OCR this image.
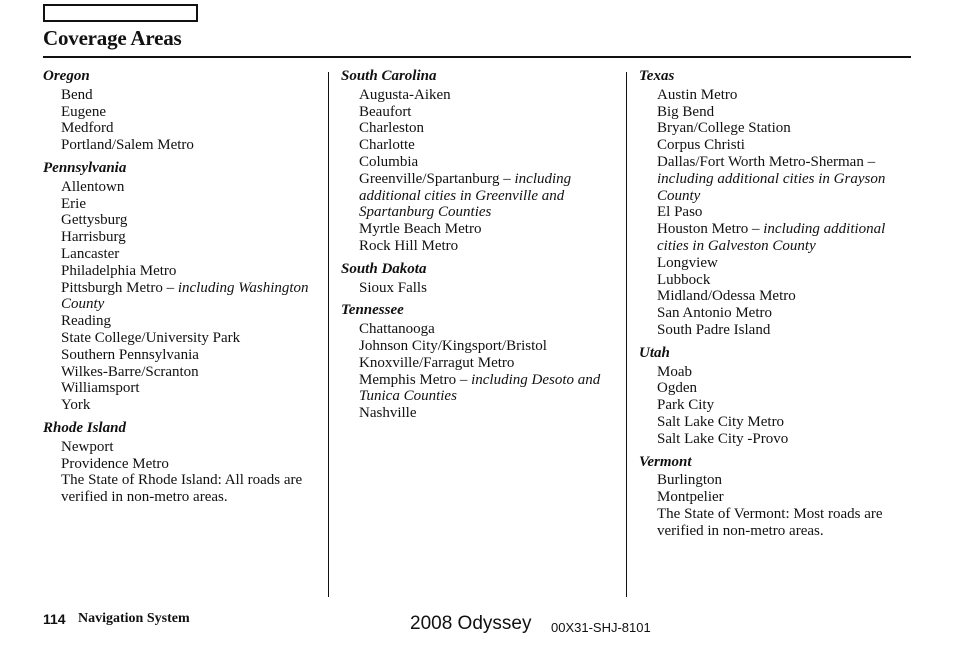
Coverage Areas
Oregon
Bend
Eugene
Medford
Portland/Salem Metro
Pennsylvania
Allentown
Erie
Gettysburg
Harrisburg
Lancaster
Philadelphia Metro
Pittsburgh Metro – including Washington County
Reading
State College/University Park
Southern Pennsylvania
Wilkes-Barre/Scranton
Williamsport
York
Rhode Island
Newport
Providence Metro
The State of Rhode Island: All roads are verified in non-metro areas.
South Carolina
Augusta-Aiken
Beaufort
Charleston
Charlotte
Columbia
Greenville/Spartanburg – including additional cities in Greenville and Spartanburg Counties
Myrtle Beach Metro
Rock Hill Metro
South Dakota
Sioux Falls
Tennessee
Chattanooga
Johnson City/Kingsport/Bristol
Knoxville/Farragut Metro
Memphis Metro – including Desoto and Tunica Counties
Nashville
Texas
Austin Metro
Big Bend
Bryan/College Station
Corpus Christi
Dallas/Fort Worth Metro-Sherman – including additional cities in Grayson County
El Paso
Houston Metro – including additional cities in Galveston County
Longview
Lubbock
Midland/Odessa Metro
San Antonio Metro
South Padre Island
Utah
Moab
Ogden
Park City
Salt Lake City Metro
Salt Lake City -Provo
Vermont
Burlington
Montpelier
The State of Vermont: Most roads are verified in non-metro areas.
114 Navigation System	2008 Odyssey 00X31-SHJ-8101
